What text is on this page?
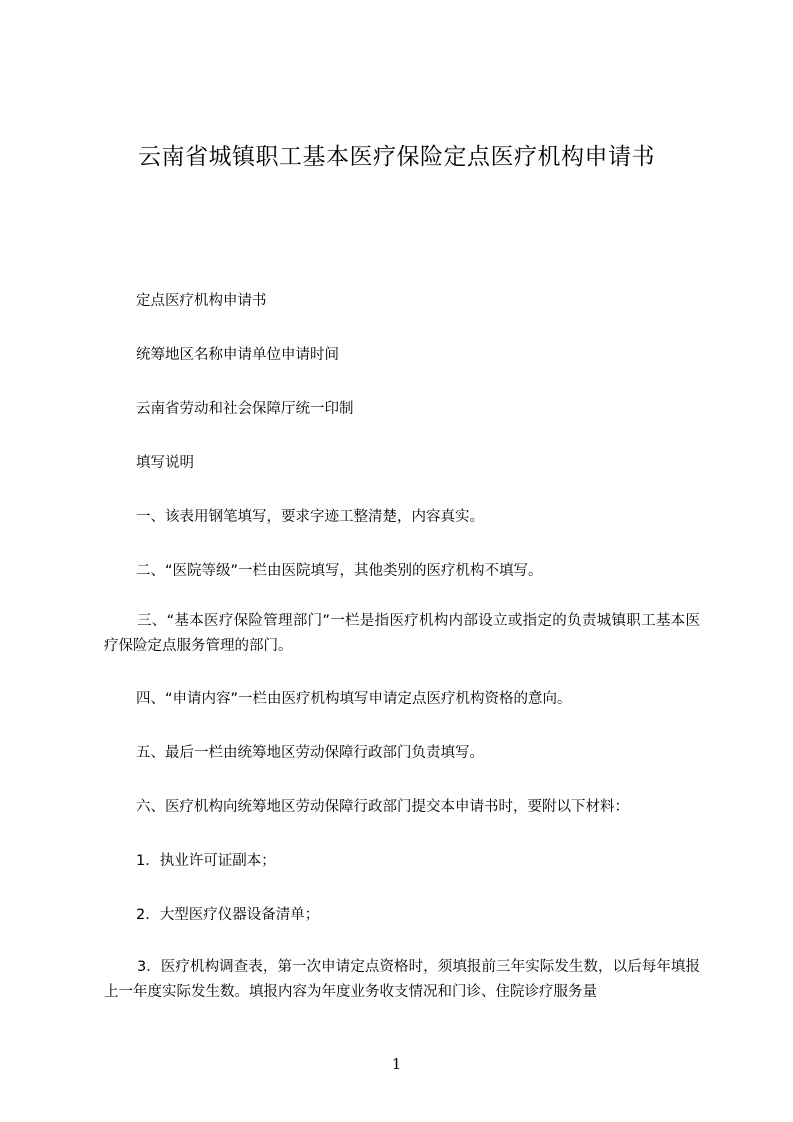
云南省城镇职工基本医疗保险定点医疗机构申请书
定点医疗机构申请书
统筹地区名称申请单位申请时间
云南省劳动和社会保障厅统一印制
填写说明
一、该表用钢笔填写，要求字迹工整清楚，内容真实。
二、“医院等级”一栏由医院填写，其他类别的医疗机构不填写。
三、“基本医疗保险管理部门”一栏是指医疗机构内部设立或指定的负责城镇职工基本医疗保险定点服务管理的部门。
四、“申请内容”一栏由医疗机构填写申请定点医疗机构资格的意向。
五、最后一栏由统筹地区劳动保障行政部门负责填写。
六、医疗机构向统筹地区劳动保障行政部门提交本申请书时，要附以下材料：
1．执业许可证副本；
2．大型医疗仪器设备清单；
3．医疗机构调查表，第一次申请定点资格时，须填报前三年实际发生数，以后每年填报上一年度实际发生数。填报内容为年度业务收支情况和门诊、住院诊疗服务量
1
